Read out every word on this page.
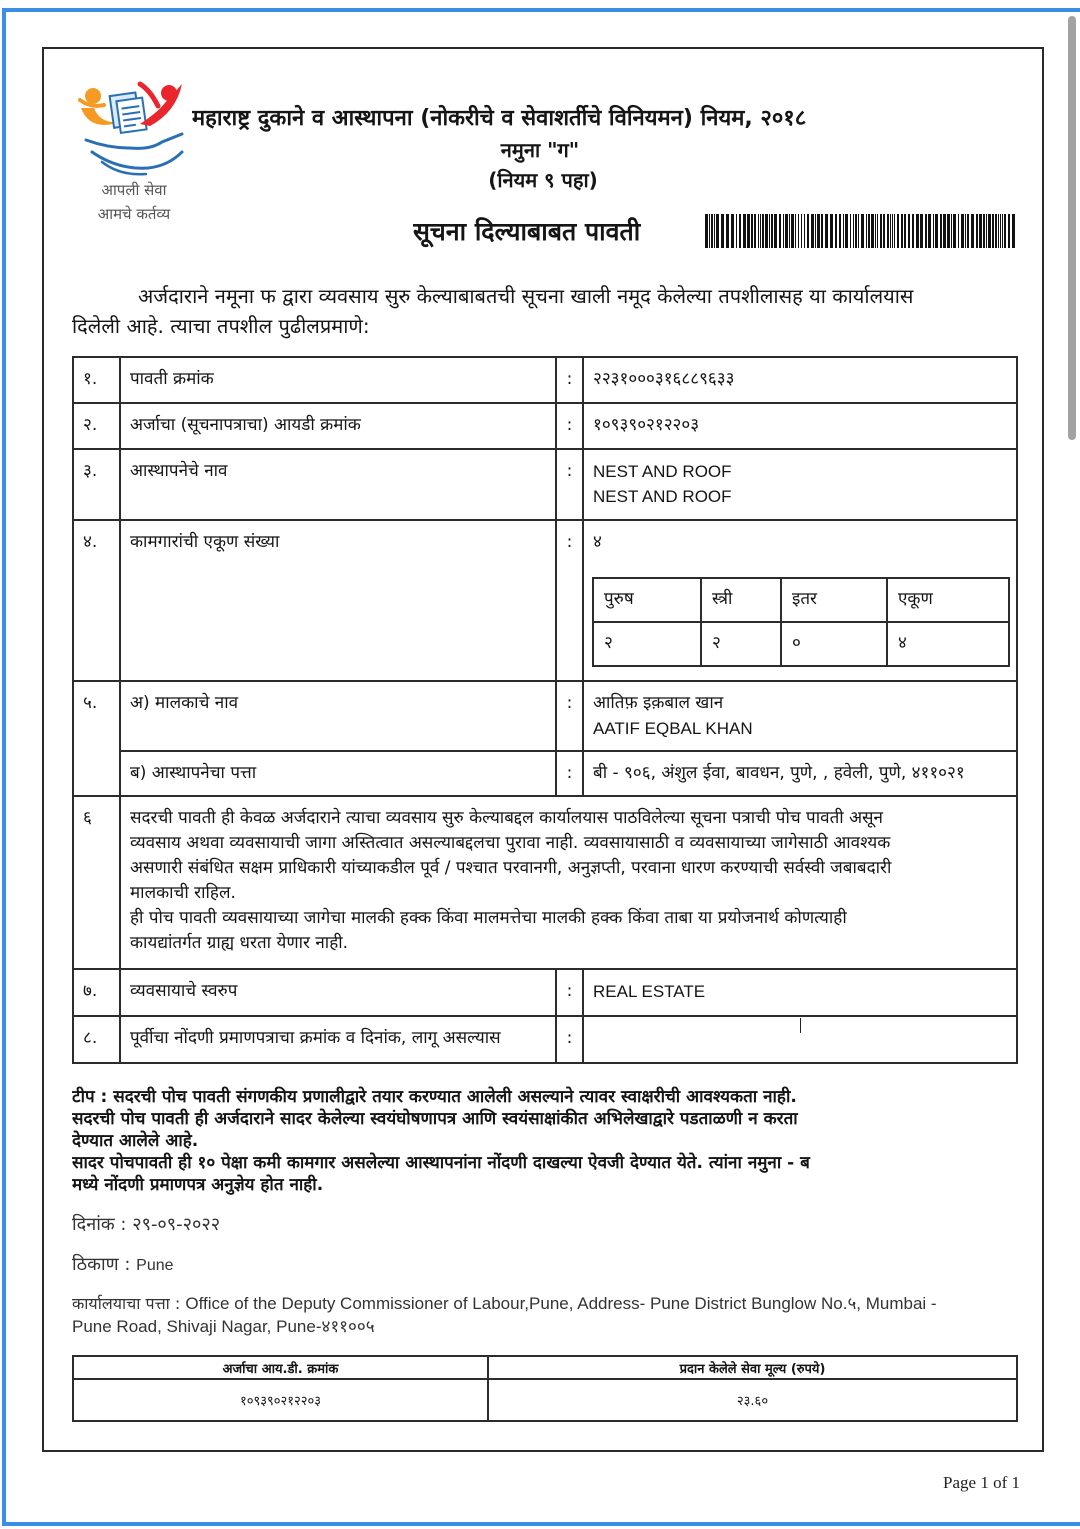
आपली सेवा
आमचे कर्तव्य
महाराष्ट्र दुकाने व आस्थापना (नोकरीचे व सेवाशर्तीचे विनियमन) नियम, २०१८
नमुना "ग"
(नियम ९ पहा)
सूचना दिल्याबाबत पावती
अर्जदाराने नमूना फ द्वारा व्यवसाय सुरु केल्याबाबतची सूचना खाली नमूद केलेल्या तपशीलासह या कार्यालयास
दिलेली आहे. त्याचा तपशील पुढीलप्रमाणे:
१.	पावती क्रमांक	:	२२३१०००३१६८८९६३३

२.	अर्जाचा (सूचनापत्राचा) आयडी क्रमांक	:	१०९३९०२१२२०३

३.	आस्थापनेचे नाव	:	NEST AND ROOF
NEST AND ROOF

४.	कामगारांची एकूण संख्या	:	४
पुरुष	स्त्री	इतर	एकूण

२	२	०	४

५.	अ) मालकाचे नाव	:	आतिफ़ इक़बाल खान
AATIF EQBAL KHAN

ब) आस्थापनेचा पत्ता	:	बी - ९०६, अंशुल ईवा, बावधन, पुणे, , हवेली, पुणे, ४११०२१

६	सदरची पावती ही केवळ अर्जदाराने त्याचा व्यवसाय सुरु केल्याबद्दल कार्यालयास पाठविलेल्या सूचना पत्राची पोच पावती असून
व्यवसाय अथवा व्यवसायाची जागा अस्तित्वात असल्याबद्दलचा पुरावा नाही. व्यवसायासाठी व व्यवसायाच्या जागेसाठी आवश्यक
असणारी संबंधित सक्षम प्राधिकारी यांच्याकडील पूर्व / पश्चात परवानगी, अनुज्ञप्ती, परवाना धारण करण्याची सर्वस्वी जबाबदारी
मालकाची राहिल.
ही पोच पावती व्यवसायाच्या जागेचा मालकी हक्क किंवा मालमत्तेचा मालकी हक्क किंवा ताबा या प्रयोजनार्थ कोणत्याही
कायद्यांतर्गत ग्राह्य धरता येणार नाही.

७.	व्यवसायाचे स्वरुप	:	REAL ESTATE

८.	पूर्वीचा नोंदणी प्रमाणपत्राचा क्रमांक व दिनांक, लागू असल्यास	:

टीप : सदरची पोच पावती संगणकीय प्रणालीद्वारे तयार करण्यात आलेली असल्याने त्यावर स्वाक्षरीची आवश्यकता नाही.
सदरची पोच पावती ही अर्जदाराने सादर केलेल्या स्वयंघोषणापत्र आणि स्वयंसाक्षांकीत अभिलेखाद्वारे पडताळणी न करता
देण्यात आलेले आहे.
सादर पोचपावती ही १० पेक्षा कमी कामगार असलेल्या आस्थापनांना नोंदणी दाखल्या ऐवजी देण्यात येते. त्यांना नमुना - ब
मध्ये नोंदणी प्रमाणपत्र अनुज्ञेय होत नाही.
दिनांक : २९-०९-२०२२
ठिकाण : Pune
कार्यालयाचा पत्ता : Office of the Deputy Commissioner of Labour,Pune, Address- Pune District Bunglow No.५, Mumbai -
Pune Road, Shivaji Nagar, Pune-४११००५
अर्जाचा आय.डी. क्रमांक	प्रदान केलेले सेवा मूल्य (रुपये)
१०९३९०२१२२०३	२३.६०
Page 1 of 1
